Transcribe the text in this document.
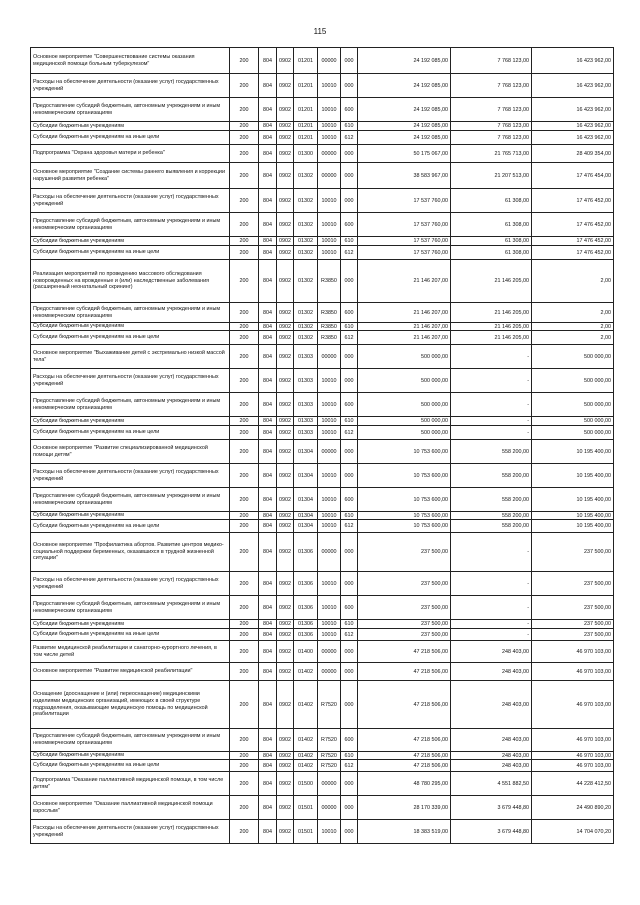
115
Основное мероприятие "Совершенствование системы оказания медицинской помощи больным туберкулезом"	200	804	0902	01201	00000	000	24 192 085,00	7 768 123,00	16 423 962,00
Расходы на обеспечение деятельности (оказание услуг) государственных учреждений	200	804	0902	01201	10010	000	24 192 085,00	7 768 123,00	16 423 962,00
Предоставление субсидий бюджетным, автономным учреждениям и иным некоммерческим организациям	200	804	0902	01201	10010	600	24 192 085,00	7 768 123,00	16 423 962,00
Субсидии бюджетным учреждениям	200	804	0902	01201	10010	610	24 192 085,00	7 768 123,00	16 423 962,00
Субсидии бюджетным учреждениям на иные цели	200	804	0902	01201	10010	612	24 192 085,00	7 768 123,00	16 423 962,00
Подпрограмма "Охрана здоровья матери и ребенка"	200	804	0902	01300	00000	000	50 175 067,00	21 765 713,00	28 409 354,00
Основное мероприятие "Создание системы раннего выявления и коррекции нарушений развития ребенка"	200	804	0902	01302	00000	000	38 583 967,00	21 207 513,00	17 476 454,00
Расходы на обеспечение деятельности (оказание услуг) государственных учреждений	200	804	0902	01302	10010	000	17 537 760,00	61 308,00	17 476 452,00
Предоставление субсидий бюджетным, автономным учреждениям и иным некоммерческим организациям	200	804	0902	01302	10010	600	17 537 760,00	61 308,00	17 476 452,00
Субсидии бюджетным учреждениям	200	804	0902	01302	10010	610	17 537 760,00	61 308,00	17 476 452,00
Субсидии бюджетным учреждениям на иные цели	200	804	0902	01302	10010	612	17 537 760,00	61 308,00	17 476 452,00
Реализация мероприятий по проведению массового обследования новорожденных на врожденные и (или) наследственные заболевания (расширенный неонатальный скрининг)	200	804	0902	01302	R3850	000	21 146 207,00	21 146 205,00	2,00
Предоставление субсидий бюджетным, автономным учреждениям и иным некоммерческим организациям	200	804	0902	01302	R3850	600	21 146 207,00	21 146 205,00	2,00
Субсидии бюджетным учреждениям	200	804	0902	01302	R3850	610	21 146 207,00	21 146 205,00	2,00
Субсидии бюджетным учреждениям на иные цели	200	804	0902	01302	R3850	612	21 146 207,00	21 146 205,00	2,00
Основное мероприятие "Выхаживание детей с экстремально низкой массой тела"	200	804	0902	01303	00000	000	500 000,00	-	500 000,00
Расходы на обеспечение деятельности (оказание услуг) государственных учреждений	200	804	0902	01303	10010	000	500 000,00	-	500 000,00
Предоставление субсидий бюджетным, автономным учреждениям и иным некоммерческим организациям	200	804	0902	01303	10010	600	500 000,00	-	500 000,00
Субсидии бюджетным учреждениям	200	804	0902	01303	10010	610	500 000,00	-	500 000,00
Субсидии бюджетным учреждениям на иные цели	200	804	0902	01303	10010	612	500 000,00	-	500 000,00
Основное мероприятие "Развитие специализированной медицинской помощи детям"	200	804	0902	01304	00000	000	10 753 600,00	558 200,00	10 195 400,00
Расходы на обеспечение деятельности (оказание услуг) государственных учреждений	200	804	0902	01304	10010	000	10 753 600,00	558 200,00	10 195 400,00
Предоставление субсидий бюджетным, автономным учреждениям и иным некоммерческим организациям	200	804	0902	01304	10010	600	10 753 600,00	558 200,00	10 195 400,00
Субсидии бюджетным учреждениям	200	804	0902	01304	10010	610	10 753 600,00	558 200,00	10 195 400,00
Субсидии бюджетным учреждениям на иные цели	200	804	0902	01304	10010	612	10 753 600,00	558 200,00	10 195 400,00
Основное мероприятие "Профилактика абортов. Развитие центров медико-социальной поддержки беременных, оказавшихся в трудной жизненной ситуации"	200	804	0902	01306	00000	000	237 500,00	-	237 500,00
Расходы на обеспечение деятельности (оказание услуг) государственных учреждений	200	804	0902	01306	10010	000	237 500,00	-	237 500,00
Предоставление субсидий бюджетным, автономным учреждениям и иным некоммерческим организациям	200	804	0902	01306	10010	600	237 500,00	-	237 500,00
Субсидии бюджетным учреждениям	200	804	0902	01306	10010	610	237 500,00	-	237 500,00
Субсидии бюджетным учреждениям на иные цели	200	804	0902	01306	10010	612	237 500,00	-	237 500,00
Развитие медицинской реабилитации и санаторно-курортного лечения, в том числе детей	200	804	0902	01400	00000	000	47 218 506,00	248 403,00	46 970 103,00
Основное мероприятие "Развитие медицинской реабилитации"	200	804	0902	01402	00000	000	47 218 506,00	248 403,00	46 970 103,00
Оснащение (дооснащение и (или) переоснащение) медицинскими изделиями медицинских организаций, имеющих в своей структуре подразделения, оказывающие медицинскую помощь по медицинской реабилитации	200	804	0902	01402	R7520	000	47 218 506,00	248 403,00	46 970 103,00
Предоставление субсидий бюджетным, автономным учреждениям и иным некоммерческим организациям	200	804	0902	01402	R7520	600	47 218 506,00	248 403,00	46 970 103,00
Субсидии бюджетным учреждениям	200	804	0902	01402	R7520	610	47 218 506,00	248 403,00	46 970 103,00
Субсидии бюджетным учреждениям на иные цели	200	804	0902	01402	R7520	612	47 218 506,00	248 403,00	46 970 103,00
Подпрограмма "Оказание паллиативной медицинской помощи, в том числе детям"	200	804	0902	01500	00000	000	48 780 295,00	4 551 882,50	44 228 412,50
Основное мероприятие "Оказание паллиативной медицинской помощи взрослым"	200	804	0902	01501	00000	000	28 170 339,00	3 679 448,80	24 490 890,20
Расходы на обеспечение деятельности (оказание услуг) государственных учреждений	200	804	0902	01501	10010	000	18 383 519,00	3 679 448,80	14 704 070,20
